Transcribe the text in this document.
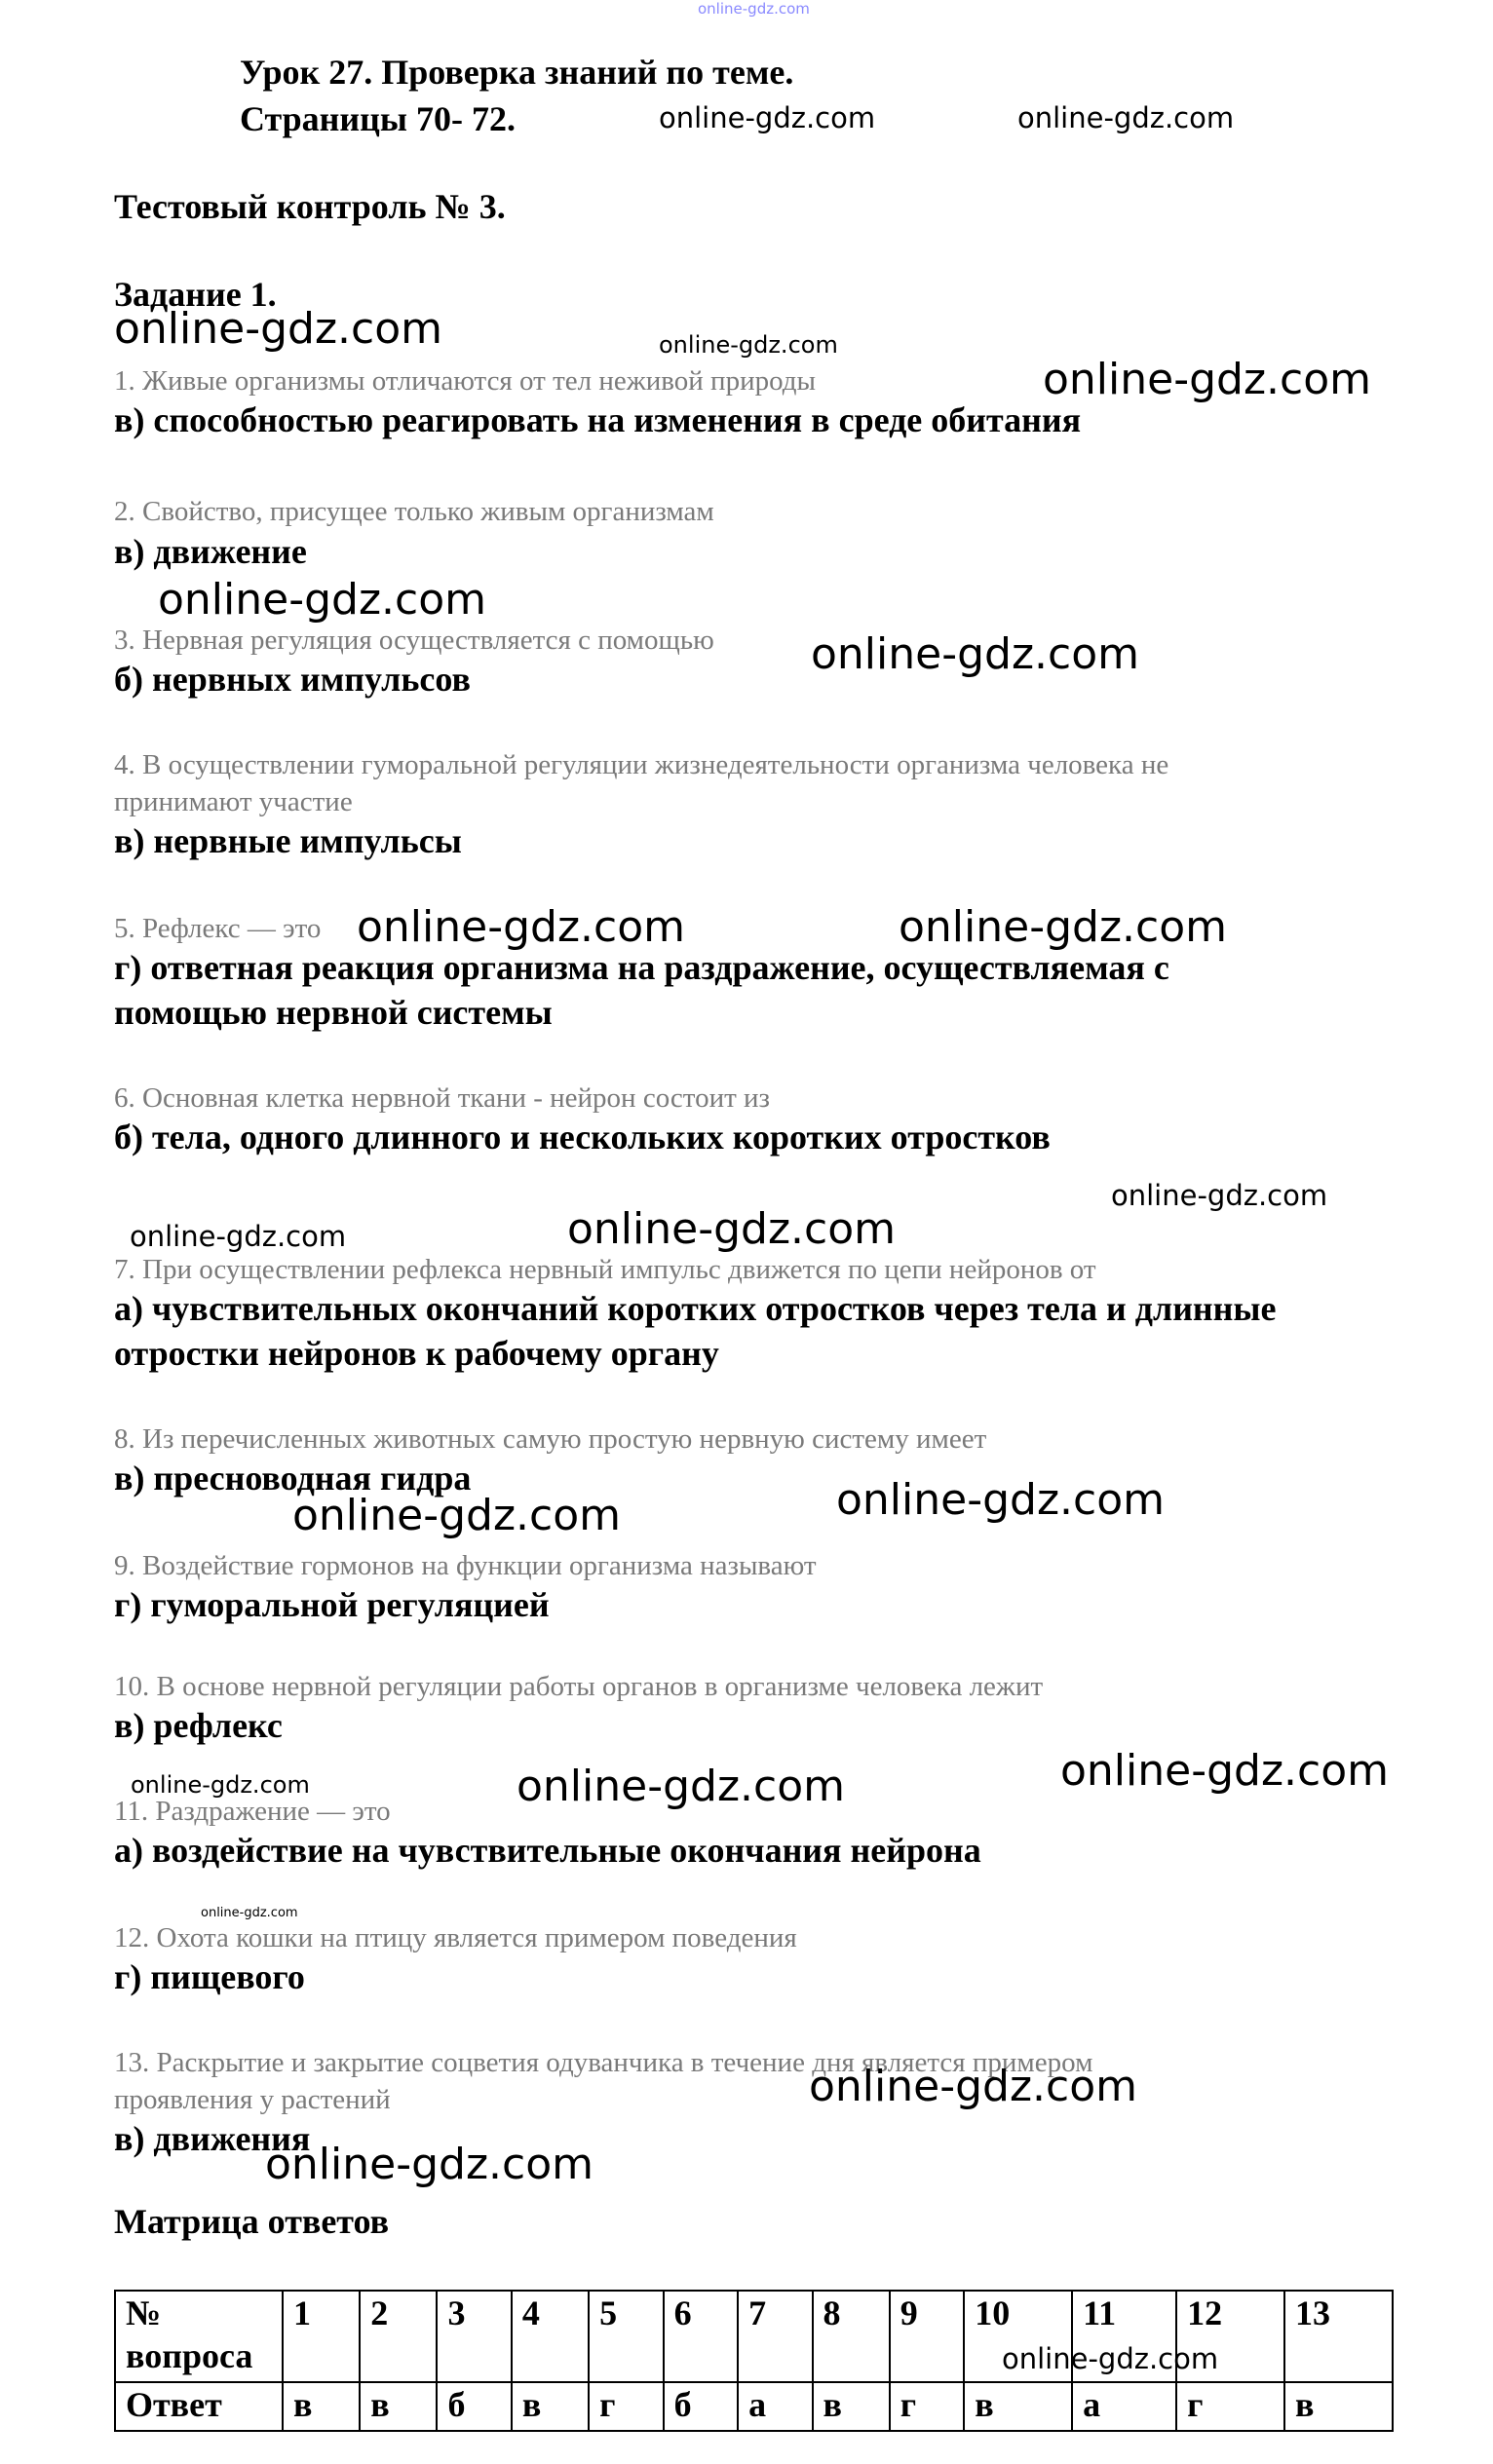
online-gdz.com
Урок 27. Проверка знаний по теме.
Страницы 70- 72.
Тестовый контроль № 3.
Задание 1.
1. Живые организмы отличаются от тел неживой природы
в) способностью реагировать на изменения в среде обитания
2. Свойство, присущее только живым организмам
в) движение
3. Нервная регуляция осуществляется с помощью
б) нервных импульсов
4. В осуществлении гуморальной регуляции жизнедеятельности организма человека не
принимают участие
в) нервные импульсы
5. Рефлекс — это
г) ответная реакция организма на раздражение, осуществляемая с
помощью нервной системы
6. Основная клетка нервной ткани - нейрон состоит из
б) тела, одного длинного и нескольких коротких отростков
7. При осуществлении рефлекса нервный импульс движется по цепи нейронов от
а) чувствительных окончаний коротких отростков через тела и длинные
отростки нейронов к рабочему органу
8. Из перечисленных животных самую простую нервную систему имеет
в) пресноводная гидра
9. Воздействие гормонов на функции организма называют
г) гуморальной регуляцией
10. В основе нервной регуляции работы органов в организме человека лежит
в) рефлекс
11. Раздражение — это
а) воздействие на чувствительные окончания нейрона
12. Охота кошки на птицу является примером поведения
г) пищевого
13. Раскрытие и закрытие соцветия одуванчика в течение дня является примером
проявления у растений
в) движения
Матрица ответов
№
вопроса	1	2	3	4	5	6	7	8	9	10	11	12	13
Ответ	в	в	б	в	г	б	а	в	г	в	а	г	в
online-gdz.com	online-gdz.com
online-gdz.com	online-gdz.com
online-gdz.com
online-gdz.com
online-gdz.com
online-gdz.com	online-gdz.com
online-gdz.com
online-gdz.com	online-gdz.com
online-gdz.com	online-gdz.com
online-gdz.com	online-gdz.com	online-gdz.com
online-gdz.com
online-gdz.com
online-gdz.com
online-gdz.com
